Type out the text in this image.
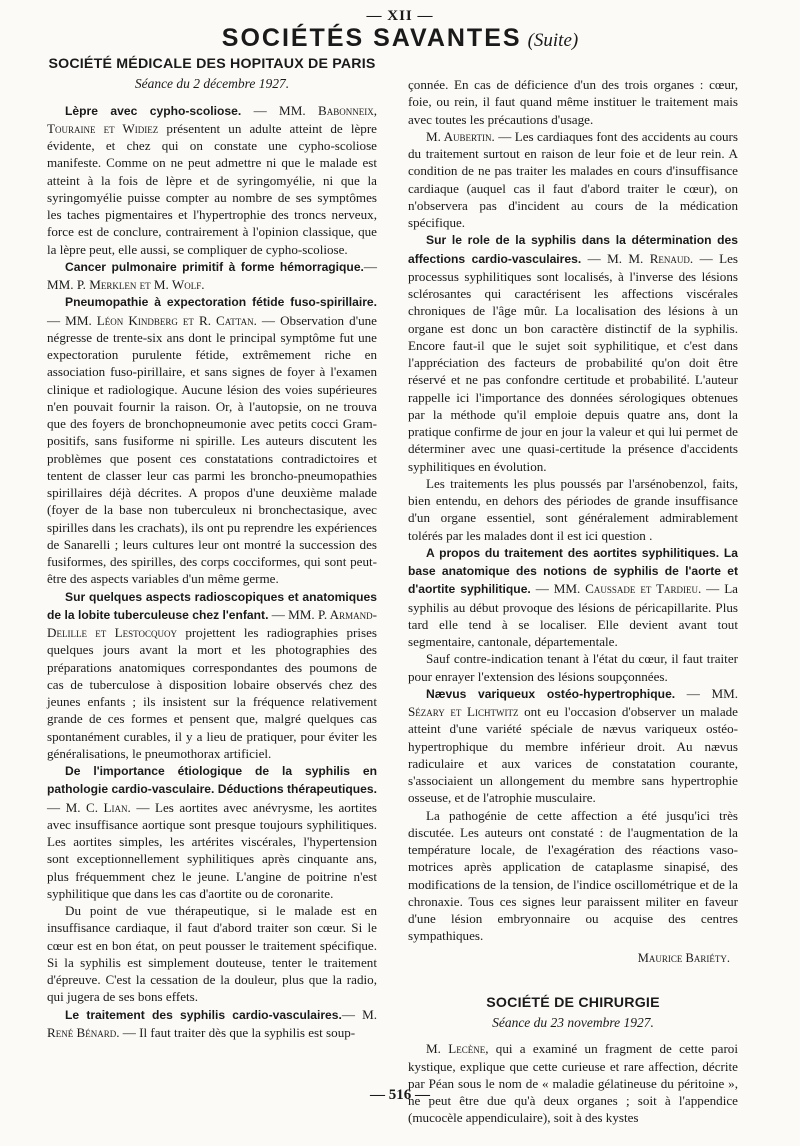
— XII —
SOCIÉTÉS SAVANTES (Suite)
SOCIÉTÉ MÉDICALE DES HOPITAUX DE PARIS
Séance du 2 décembre 1927.

Lèpre avec cypho-scoliose. — MM. Babonneix, Touraine et Widiez présentent un adulte atteint de lèpre évidente, et chez qui on constate une cypho-scoliose manifeste. Comme on ne peut admettre ni que le malade est atteint à la fois de lèpre et de syringomyélie, ni que la syringomyélie puisse compter au nombre de ses symptômes les taches pigmentaires et l'hypertrophie des troncs nerveux, force est de conclure, contrairement à l'opinion classique, que la lèpre peut, elle aussi, se compliquer de cypho-scoliose.

Cancer pulmonaire primitif à forme hémorragique.— MM. P. Merklen et M. Wolf.

Pneumopathie à expectoration fétide fuso-spirillaire. — MM. Léon Kindberg et R. Cattan. — Observation d'une négresse de trente-six ans dont le principal symptôme fut une expectoration purulente fétide, extrêmement riche en association fuso-pirillaire, et sans signes de foyer à l'examen clinique et radiologique. Aucune lésion des voies supérieures n'en pouvait fournir la raison. Or, à l'autopsie, on ne trouva que des foyers de bronchopneumonie avec petits cocci Gram-positifs, sans fusiforme ni spirille. Les auteurs discutent les problèmes que posent ces constatations contradictoires et tentent de classer leur cas parmi les broncho-pneumopathies spirillaires déjà décrites. A propos d'une deuxième malade (foyer de la base non tuberculeux ni bronchectasique, avec spirilles dans les crachats), ils ont pu reprendre les expériences de Sanarelli ; leurs cultures leur ont montré la succession des fusiformes, des spirilles, des corps cocciformes, qui sont peut-être des aspects variables d'un même germe.

Sur quelques aspects radioscopiques et anatomiques de la lobite tuberculeuse chez l'enfant. — MM. P. Armand-Delille et Lestocquoy projettent les radiographies prises quelques jours avant la mort et les photographies des préparations anatomiques correspondantes des poumons de cas de tuberculose à disposition lobaire observés chez des jeunes enfants ; ils insistent sur la fréquence relativement grande de ces formes et pensent que, malgré quelques cas spontanément curables, il y a lieu de pratiquer, pour éviter les généralisations, le pneumothorax artificiel.

De l'importance étiologique de la syphilis en pathologie cardio-vasculaire. Déductions thérapeutiques. — M. C. Lian. — Les aortites avec anévrysme, les aortites avec insuffisance aortique sont presque toujours syphilitiques. Les aortites simples, les artérites viscérales, l'hypertension sont exceptionnellement syphilitiques après cinquante ans, plus fréquemment chez le jeune. L'angine de poitrine n'est syphilitique que dans les cas d'aortite ou de coronarite.

Du point de vue thérapeutique, si le malade est en insuffisance cardiaque, il faut d'abord traiter son cœur. Si le cœur est en bon état, on peut pousser le traitement spécifique. Si la syphilis est simplement douteuse, tenter le traitement d'épreuve. C'est la cessation de la douleur, plus que la radio, qui jugera de ses bons effets.

Le traitement des syphilis cardio-vasculaires.— M. René Bénard. — Il faut traiter dès que la syphilis est soup-

çonnée. En cas de déficience d'un des trois organes : cœur, foie, ou rein, il faut quand même instituer le traitement mais avec toutes les précautions d'usage.

M. Aubertin. — Les cardiaques font des accidents au cours du traitement surtout en raison de leur foie et de leur rein. A condition de ne pas traiter les malades en cours d'insuffisance cardiaque (auquel cas il faut d'abord traiter le cœur), on n'observera pas d'incident au cours de la médication spécifique.

Sur le role de la syphilis dans la détermination des affections cardio-vasculaires. — M. M. Renaud. — Les processus syphilitiques sont localisés, à l'inverse des lésions sclérosantes qui caractérisent les affections viscérales chroniques de l'âge mûr. La localisation des lésions à un organe est donc un bon caractère distinctif de la syphilis. Encore faut-il que le sujet soit syphilitique, et c'est dans l'appréciation des facteurs de probabilité qu'on doit être réservé et ne pas confondre certitude et probabilité. L'auteur rappelle ici l'importance des données sérologiques obtenues par la méthode qu'il emploie depuis quatre ans, dont la pratique confirme de jour en jour la valeur et qui lui permet de déterminer avec une quasi-certitude la présence d'accidents syphilitiques en évolution.

Les traitements les plus poussés par l'arsénobenzol, faits, bien entendu, en dehors des périodes de grande insuffisance d'un organe essentiel, sont généralement admirablement tolérés par les malades dont il est ici question .

A propos du traitement des aortites syphilitiques. La base anatomique des notions de syphilis de l'aorte et d'aortite syphilitique. — MM. Caussade et Tardieu. — La syphilis au début provoque des lésions de péricapillarite. Plus tard elle tend à se localiser. Elle devient avant tout segmentaire, cantonale, départementale.

Sauf contre-indication tenant à l'état du cœur, il faut traiter pour enrayer l'extension des lésions soupçonnées.

Nævus variqueux ostéo-hypertrophique. — MM. Sézary et Lichtwitz ont eu l'occasion d'observer un malade atteint d'une variété spéciale de nævus variqueux ostéo-hypertrophique du membre inférieur droit. Au nævus radiculaire et aux varices de constatation courante, s'associaient un allongement du membre sans hypertrophie osseuse, et de l'atrophie musculaire.

La pathogénie de cette affection a été jusqu'ici très discutée. Les auteurs ont constaté : de l'augmentation de la température locale, de l'exagération des réactions vaso-motrices après application de cataplasme sinapisé, des modifications de la tension, de l'indice oscillométrique et de la chronaxie. Tous ces signes leur paraissent militer en faveur d'une lésion embryonnaire ou acquise des centres sympathiques.

Maurice Bariéty.
SOCIÉTÉ DE CHIRURGIE
Séance du 23 novembre 1927.

M. Lecène, qui a examiné un fragment de cette paroi kystique, explique que cette curieuse et rare affection, décrite par Péan sous le nom de « maladie gélatineuse du péritoine », ne peut être due qu'à deux organes ; soit à l'appendice (mucocèle appendiculaire), soit à des kystes

— 516 —
